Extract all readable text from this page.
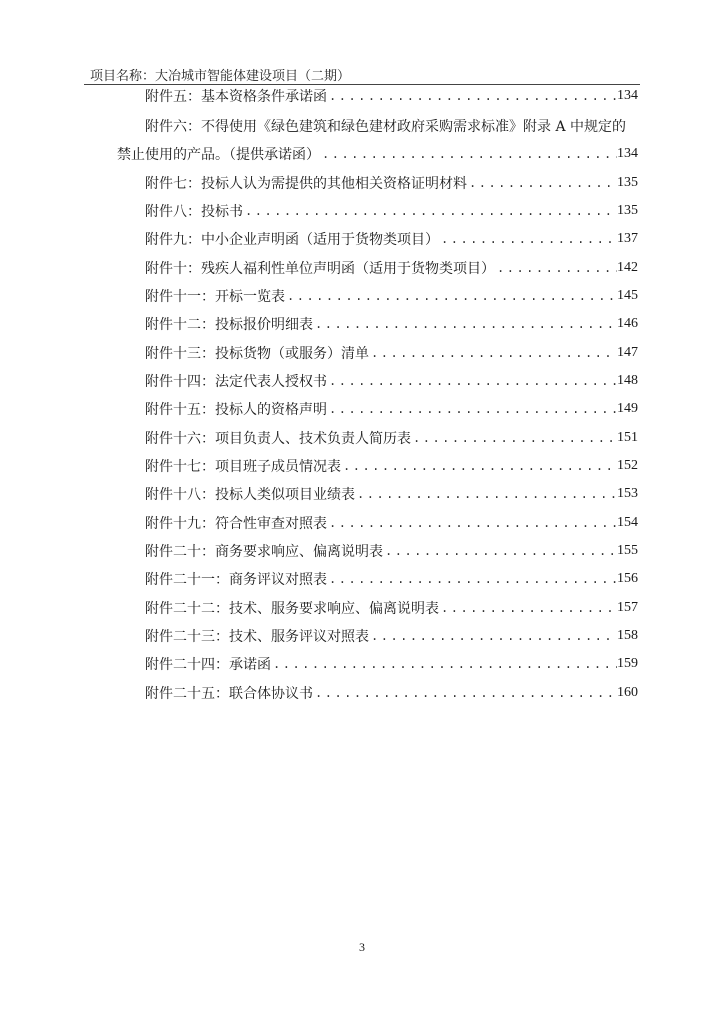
项目名称：大冶城市智能体建设项目（二期）
附件五：基本资格条件承诺函 .....	134
附件六：不得使用《绿色建筑和绿色建材政府采购需求标准》附录 A 中规定的
禁止使用的产品。（提供承诺函） .....	134
附件七：投标人认为需提供的其他相关资格证明材料 .....	135
附件八：投标书 .....	135
附件九：中小企业声明函（适用于货物类项目） .....	137
附件十：残疾人福利性单位声明函（适用于货物类项目） .....	142
附件十一：开标一览表 .....	145
附件十二：投标报价明细表 .....	146
附件十三：投标货物（或服务）清单 .....	147
附件十四：法定代表人授权书 .....	148
附件十五：投标人的资格声明 .....	149
附件十六：项目负责人、技术负责人简历表 .....	151
附件十七：项目班子成员情况表 .....	152
附件十八：投标人类似项目业绩表 .....	153
附件十九：符合性审查对照表 .....	154
附件二十：商务要求响应、偏离说明表 .....	155
附件二十一：商务评议对照表 .....	156
附件二十二：技术、服务要求响应、偏离说明表 .....	157
附件二十三：技术、服务评议对照表 .....	158
附件二十四：承诺函 .....	159
附件二十五：联合体协议书 .....	160
3
